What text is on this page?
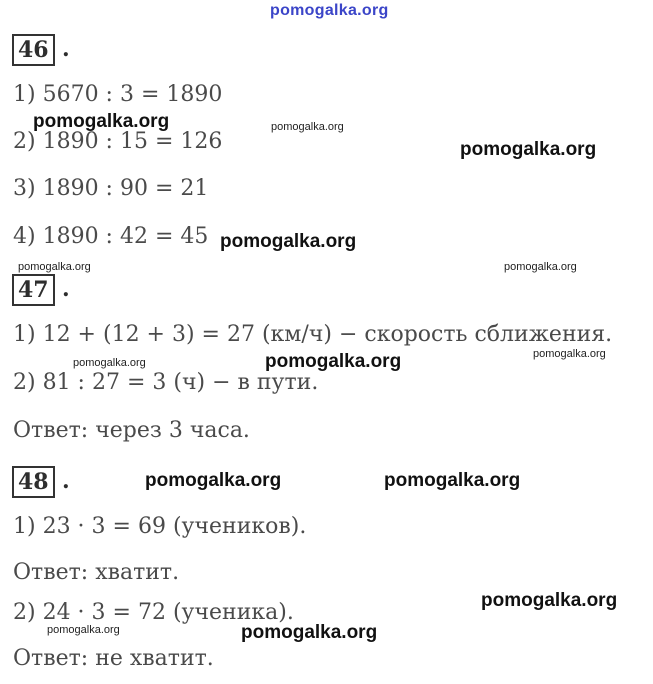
pomogalka.org
46 .
1) 5670 : 3 = 1890
2) 1890 : 15 = 126
3) 1890 : 90 = 21
4) 1890 : 42 = 45
47 .
1) 12 + (12 + 3) = 27 (км/ч) − скорость сближения.
2) 81 : 27 = 3 (ч) − в пути.
Ответ: через 3 часа.
48 .
1) 23 · 3 = 69 (учеников).
Ответ: хватит.
2) 24 · 3 = 72 (ученика).
Ответ: не хватит.
pomogalka.org	pomogalka.org
pomogalka.org
pomogalka.org
pomogalka.org	pomogalka.org
pomogalka.org
pomogalka.org	pomogalka.org
pomogalka.org	pomogalka.org
pomogalka.org
pomogalka.org	pomogalka.org
